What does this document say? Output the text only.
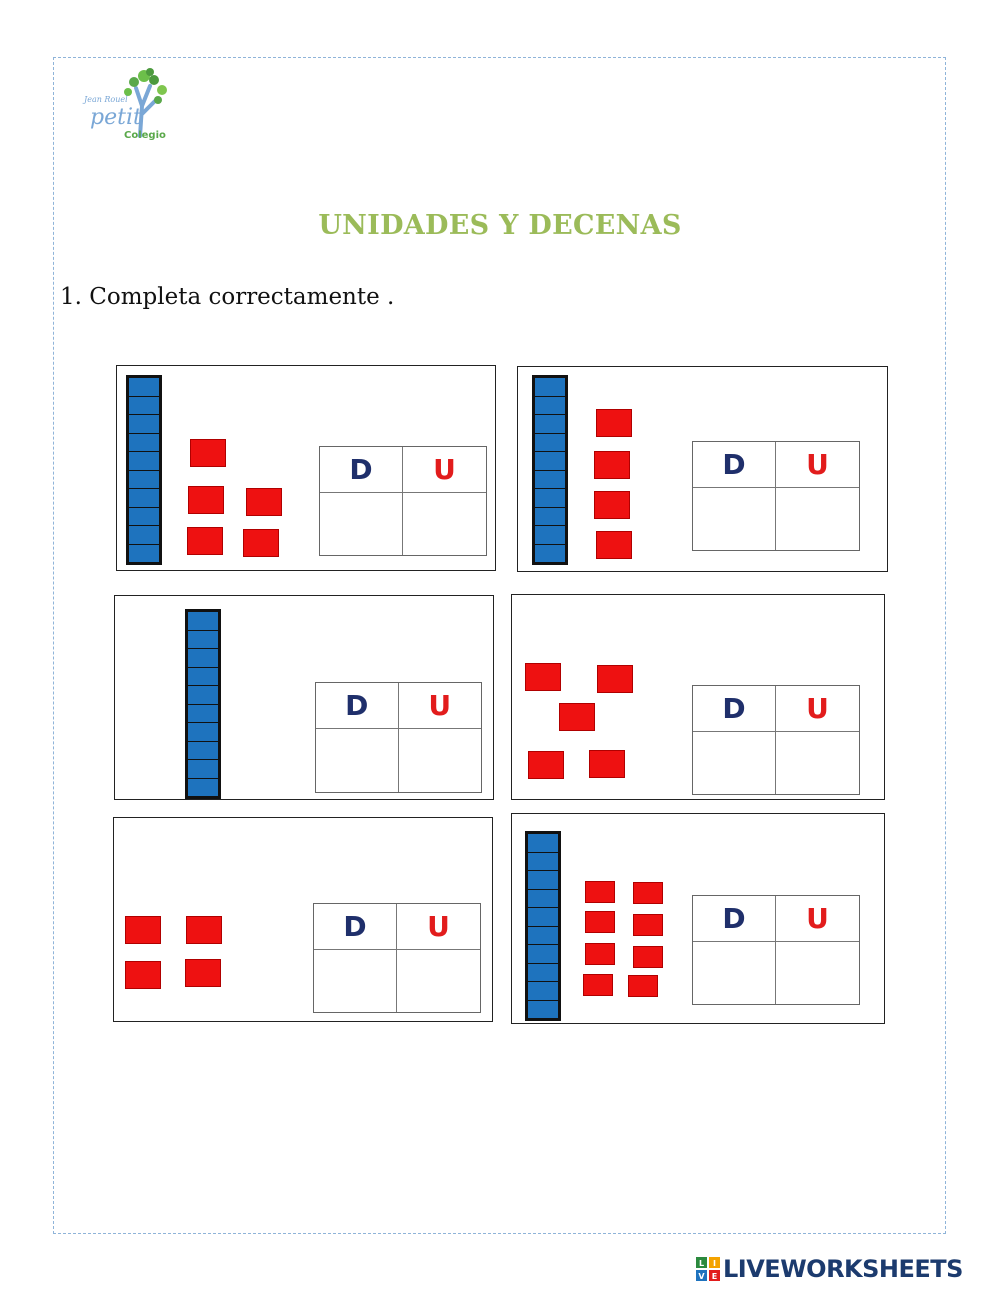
Jean Rouel
petit
Colegio
UNIDADES Y DECENAS
1. Completa correctamente .
D	U	D	U
D	U	D	U
D	U	D	U
L I
V E LIVEWORKSHEETS
